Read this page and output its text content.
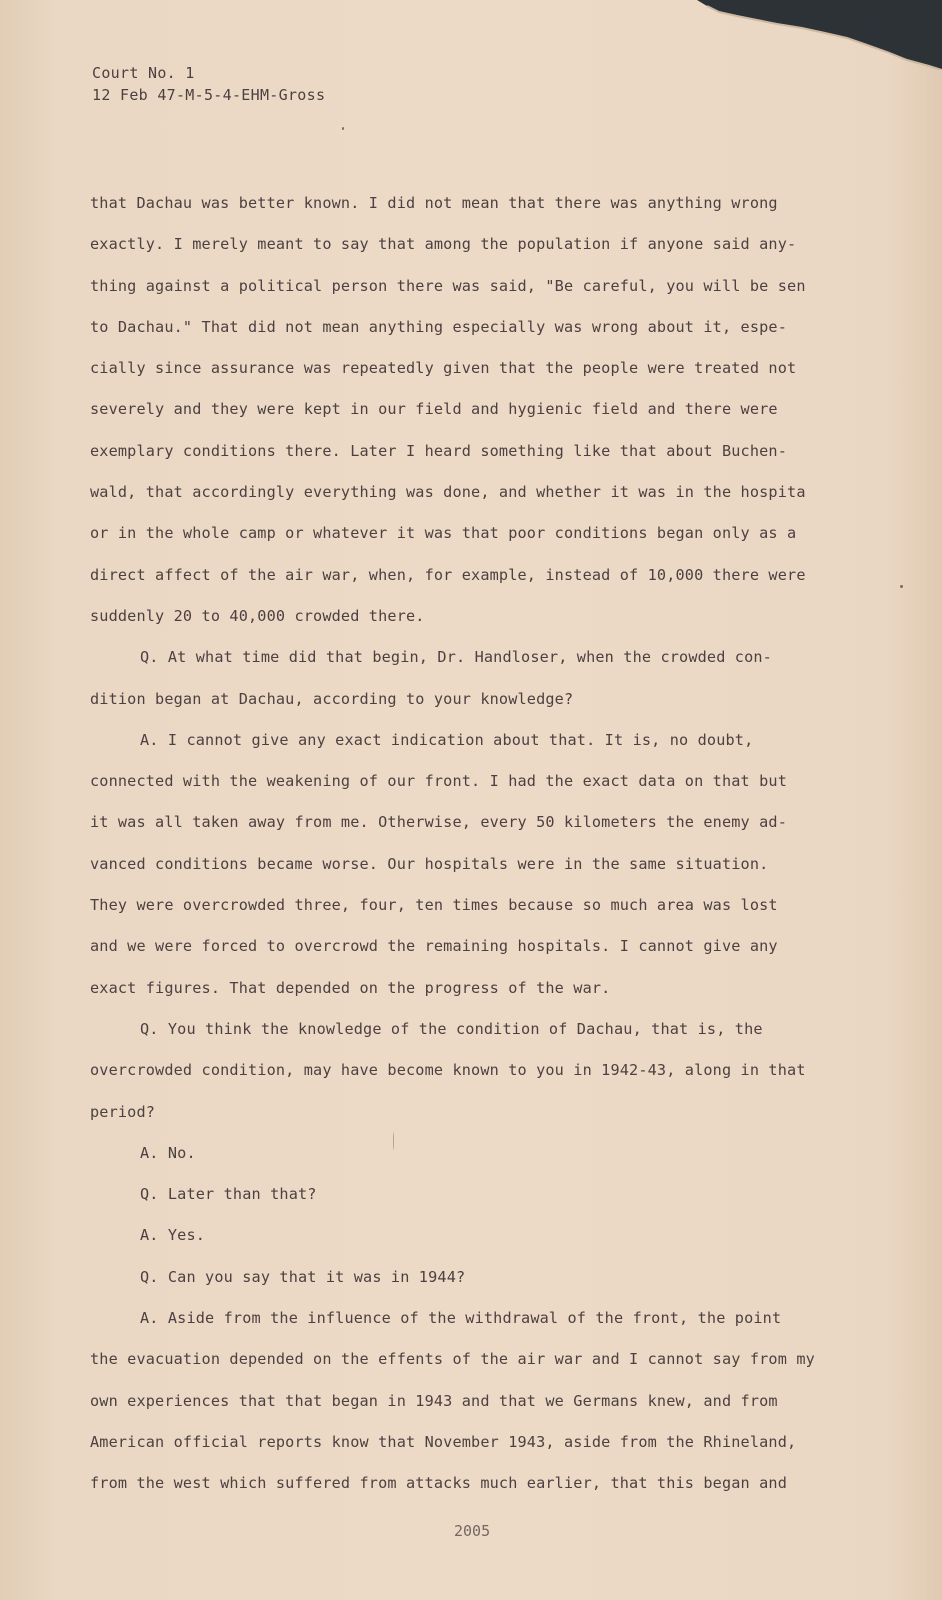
Court No. 1
12 Feb 47-M-5-4-EHM-Gross
that Dachau was better known. I did not mean that there was anything wrong
exactly. I merely meant to say that among the population if anyone said any-
thing against a political person there was said, "Be careful, you will be sen
to Dachau." That did not mean anything especially was wrong about it, espe-
cially since assurance was repeatedly given that the people were treated not
severely and they were kept in our field and hygienic field and there were
exemplary conditions there. Later I heard something like that about Buchen-
wald, that accordingly everything was done, and whether it was in the hospita
or in the whole camp or whatever it was that poor conditions began only as a
direct affect of the air war, when, for example, instead of 10,000 there were
suddenly 20 to 40,000 crowded there.
Q. At what time did that begin, Dr. Handloser, when the crowded con-
dition began at Dachau, according to your knowledge?
A. I cannot give any exact indication about that. It is, no doubt,
connected with the weakening of our front. I had the exact data on that but
it was all taken away from me. Otherwise, every 50 kilometers the enemy ad-
vanced conditions became worse. Our hospitals were in the same situation.
They were overcrowded three, four, ten times because so much area was lost
and we were forced to overcrowd the remaining hospitals. I cannot give any
exact figures. That depended on the progress of the war.
Q. You think the knowledge of the condition of Dachau, that is, the
overcrowded condition, may have become known to you in 1942-43, along in that
period?
A. No.
Q. Later than that?
A. Yes.
Q. Can you say that it was in 1944?
A. Aside from the influence of the withdrawal of the front, the point
the evacuation depended on the effents of the air war and I cannot say from my
own experiences that that began in 1943 and that we Germans knew, and from
American official reports know that November 1943, aside from the Rhineland,
from the west which suffered from attacks much earlier, that this began and
2005
